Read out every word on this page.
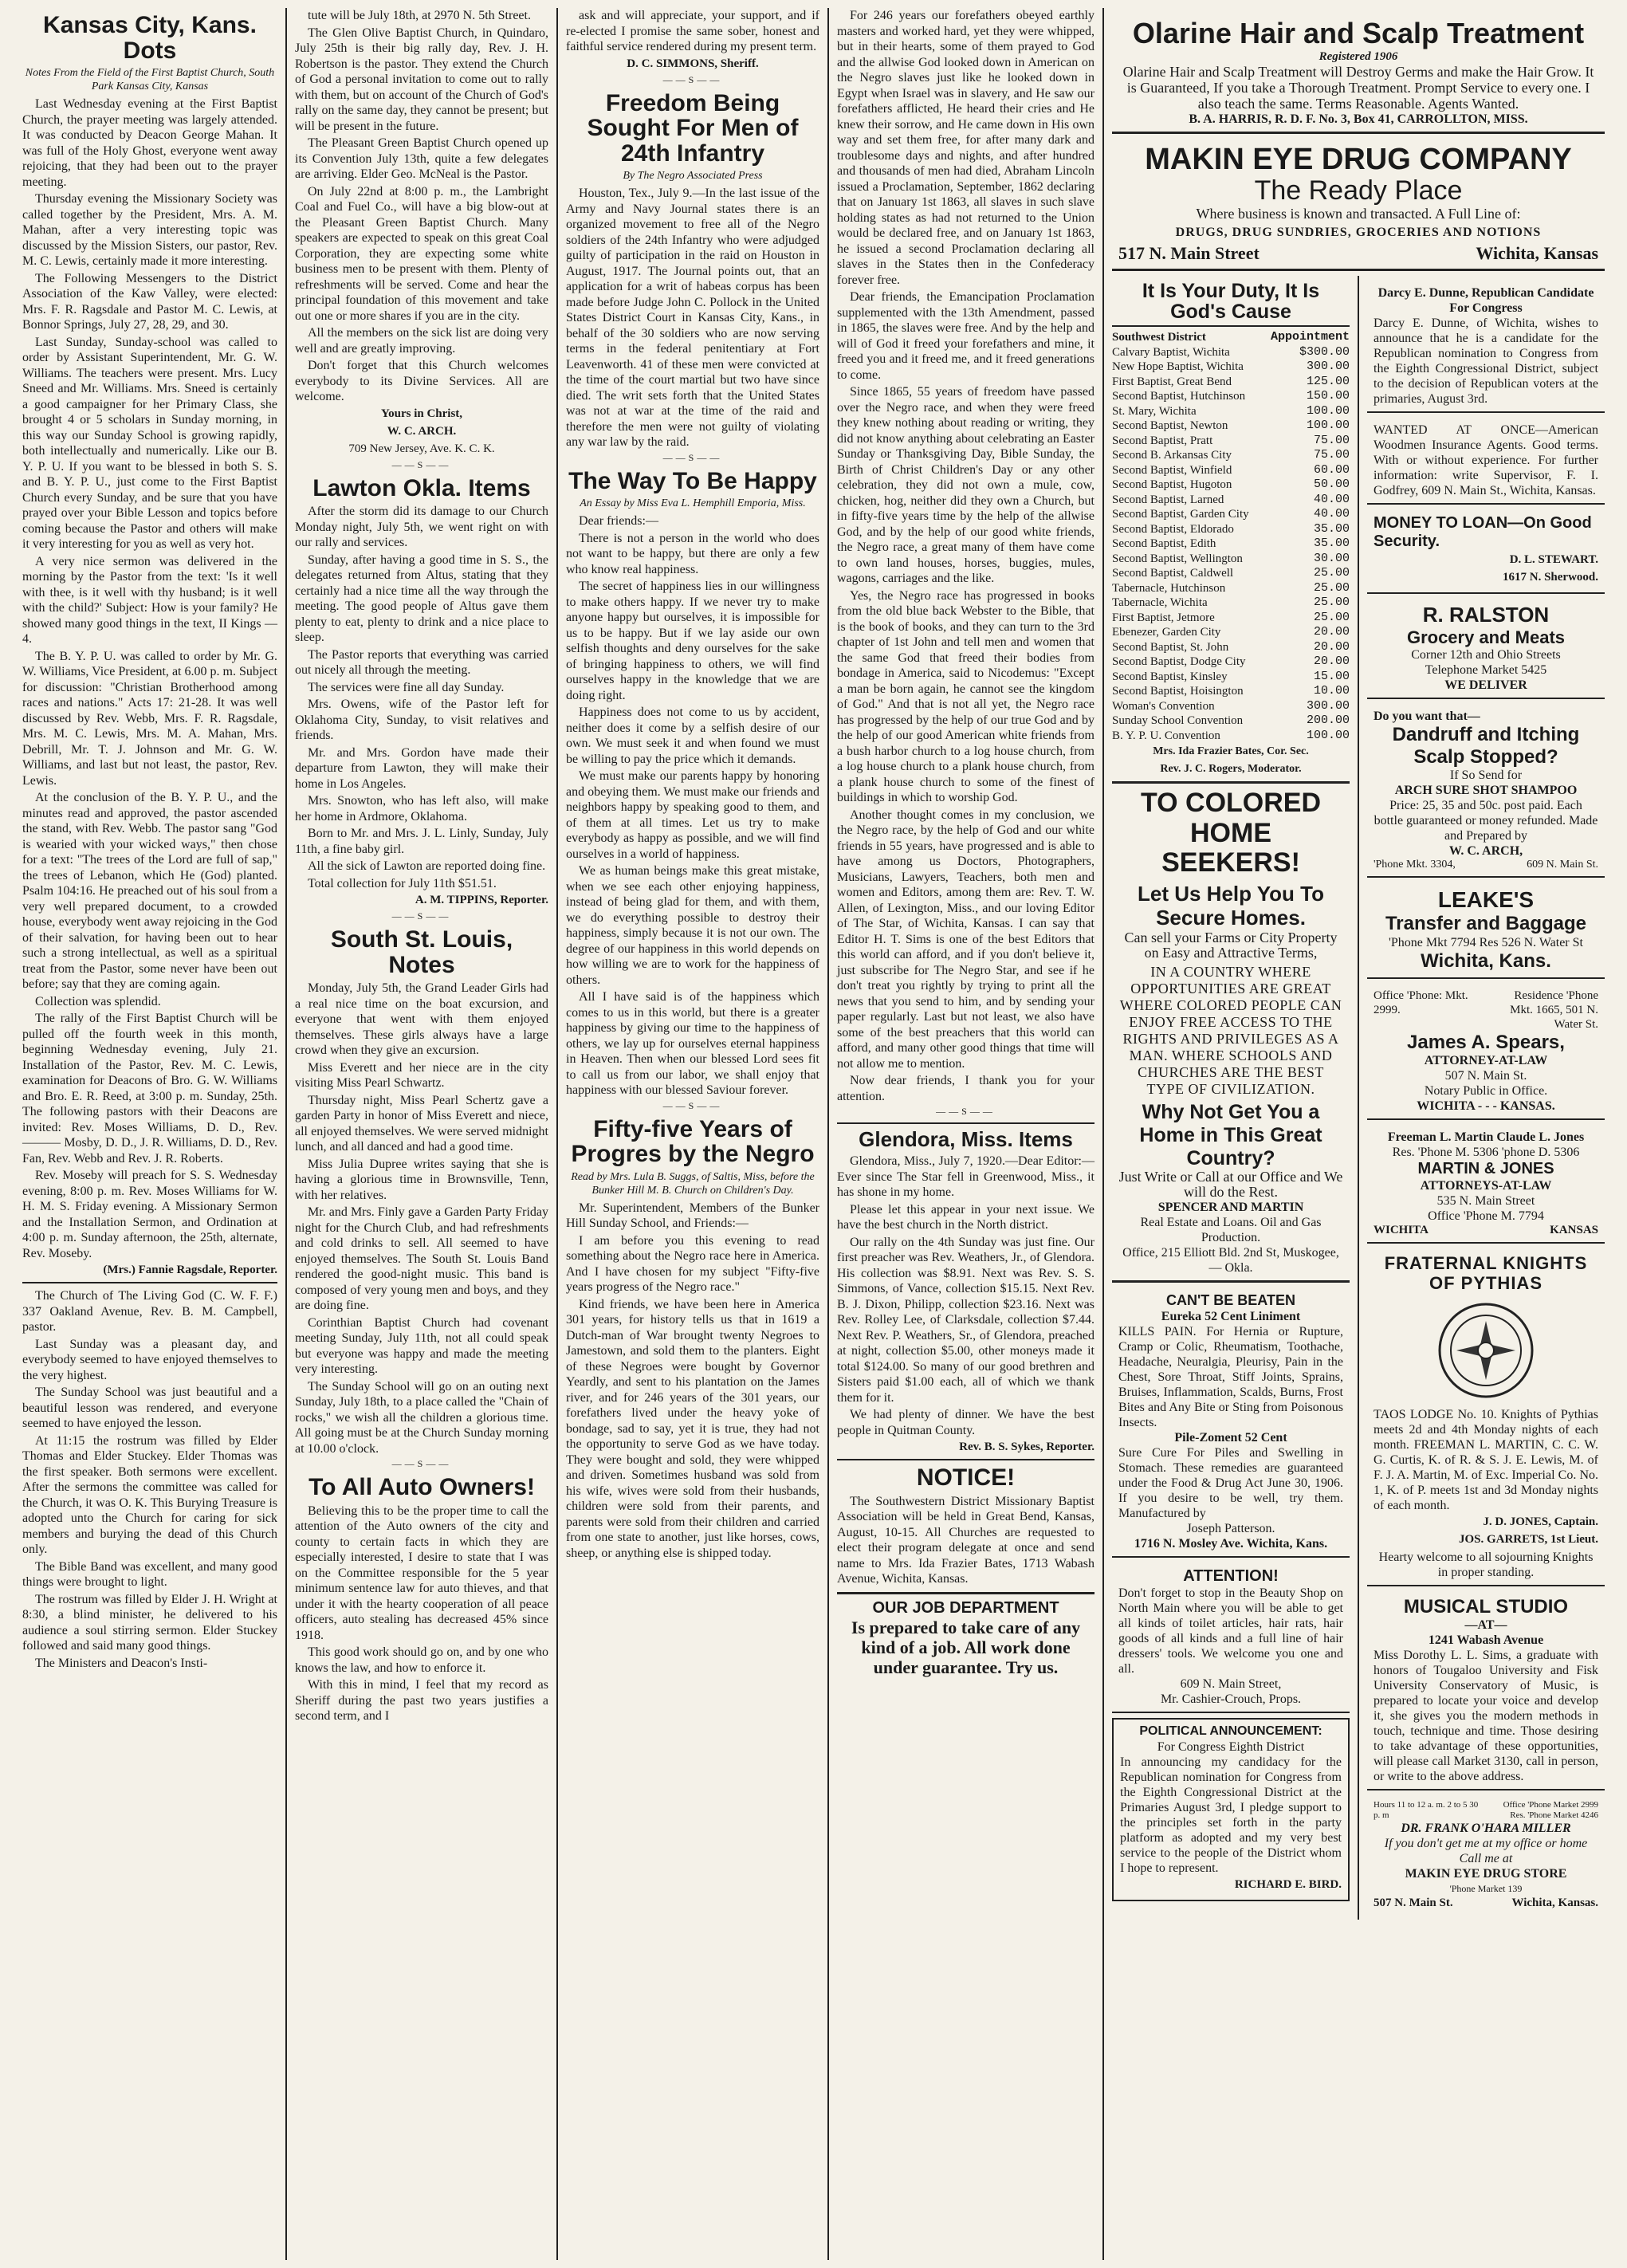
Kansas City, Kans. Dots
Notes From the Field of the First Baptist Church, South Park Kansas City, Kansas

Last Wednesday evening at the First Baptist Church, the prayer meeting was largely attended. It was conducted by Deacon George Mahan. It was full of the Holy Ghost, everyone went away rejoicing, that they had been out to the prayer meeting.

Thursday evening the Missionary Society was called together by the President, Mrs. A. M. Mahan, after a very interesting topic was discussed by the Mission Sisters, our pastor, Rev. M. C. Lewis, certainly made it more interesting.

The Following Messengers to the District Association of the Kaw Valley, were elected: Mrs. F. R. Ragsdale and Pastor M. C. Lewis, at Bonnor Springs, July 27, 28, 29, and 30.

Last Sunday, Sunday-school was called to order by Assistant Superintendent, Mr. G. W. Williams. The teachers were present. Mrs. Lucy Sneed and Mr. Williams. Mrs. Sneed is certainly a good campaigner for her Primary Class, she brought 4 or 5 scholars in Sunday morning, in this way our Sunday School is growing rapidly, both intellectually and numerically. Like our B. Y. P. U. If you want to be blessed in both S. S. and B. Y. P. U., just come to the First Baptist Church every Sunday, and be sure that you have prayed over your Bible Lesson and topics before coming because the Pastor and others will make it very interesting for you as well as very hot.

A very nice sermon was delivered in the morning by the Pastor from the text: 'Is it well with thee, is it well with thy husband; is it well with the child?' Subject: How is your family? He showed many good things in the text, II Kings — 4.

The B. Y. P. U. was called to order by Mr. G. W. Williams, Vice President, at 6.00 p. m. Subject for discussion: "Christian Brotherhood among races and nations." Acts 17: 21-28. It was well discussed by Rev. Webb, Mrs. F. R. Ragsdale, Mrs. M. C. Lewis, Mrs. M. A. Mahan, Mrs. Debrill, Mr. T. J. Johnson and Mr. G. W. Williams, and last but not least, the pastor, Rev. Lewis.

At the conclusion of the B. Y. P. U., and the minutes read and approved, the pastor ascended the stand, with Rev. Webb. The pastor sang "God is wearied with your wicked ways," then chose for a text: "The trees of the Lord are full of sap," the trees of Lebanon, which He (God) planted. Psalm 104:16. He preached out of his soul from a very well prepared document, to a crowded house, everybody went away rejoicing in the God of their salvation, for having been out to hear such a strong intellectual, as well as a spiritual treat from the Pastor, some never have been out before; say that they are coming again.

Collection was splendid.

The rally of the First Baptist Church will be pulled off the fourth week in this month, beginning Wednesday evening, July 21. Installation of the Pastor, Rev. M. C. Lewis, examination for Deacons of Bro. G. W. Williams and Bro. E. R. Reed, at 3:00 p. m. Sunday, 25th. The following pastors with their Deacons are invited: Rev. Moses Williams, D. D., Rev. ——— Mosby, D. D., J. R. Williams, D. D., Rev. Fan, Rev. Webb and Rev. J. R. Roberts.

Rev. Moseby will preach for S. S. Wednesday evening, 8:00 p. m. Rev. Moses Williams for W. H. M. S. Friday evening. A Missionary Sermon and the Installation Sermon, and Ordination at 4:00 p. m. Sunday afternoon, the 25th, alternate, Rev. Moseby.

(Mrs.) Fannie Ragsdale, Reporter.

The Church of The Living God (C. W. F. F.) 337 Oakland Avenue, Rev. B. M. Campbell, pastor.

Last Sunday was a pleasant day, and everybody seemed to have enjoyed themselves to the very highest.

The Sunday School was just beautiful and a beautiful lesson was rendered, and everyone seemed to have enjoyed the lesson.

At 11:15 the rostrum was filled by Elder Thomas and Elder Stuckey. Elder Thomas was the first speaker. Both sermons were excellent. After the sermons the committee was called for the Church, it was O. K. This Burying Treasure is adopted unto the Church for caring for sick members and burying the dead of this Church only.

The Bible Band was excellent, and many good things were brought to light.

The rostrum was filled by Elder J. H. Wright at 8:30, a blind minister, he delivered to his audience a soul stirring sermon. Elder Stuckey followed and said many good things.

The Ministers and Deacon's Insti-

tute will be July 18th, at 2970 N. 5th Street.

The Glen Olive Baptist Church, in Quindaro, July 25th is their big rally day, Rev. J. H. Robertson is the pastor. They extend the Church of God a personal invitation to come out to rally with them, but on account of the Church of God's rally on the same day, they cannot be present; but will be present in the future.

The Pleasant Green Baptist Church opened up its Convention July 13th, quite a few delegates are arriving. Elder Geo. McNeal is the Pastor.

On July 22nd at 8:00 p. m., the Lambright Coal and Fuel Co., will have a big blow-out at the Pleasant Green Baptist Church. Many speakers are expected to speak on this great Coal Corporation, they are expecting some white business men to be present with them. Plenty of refreshments will be served. Come and hear the principal foundation of this movement and take out one or more shares if you are in the city.

All the members on the sick list are doing very well and are greatly improving.

Don't forget that this Church welcomes everybody to its Divine Services. All are welcome.

Yours in Christ,
W. C. ARCH.
709 New Jersey, Ave. K. C. K.
——S——
Lawton Okla. Items

After the storm did its damage to our Church Monday night, July 5th, we went right on with our rally and services.

Sunday, after having a good time in S. S., the delegates returned from Altus, stating that they certainly had a nice time all the way through the meeting. The good people of Altus gave them plenty to eat, plenty to drink and a nice place to sleep.

The Pastor reports that everything was carried out nicely all through the meeting.

The services were fine all day Sunday.

Mrs. Owens, wife of the Pastor left for Oklahoma City, Sunday, to visit relatives and friends.

Mr. and Mrs. Gordon have made their departure from Lawton, they will make their home in Los Angeles.

Mrs. Snowton, who has left also, will make her home in Ardmore, Oklahoma.

Born to Mr. and Mrs. J. L. Linly, Sunday, July 11th, a fine baby girl.

All the sick of Lawton are reported doing fine.

Total collection for July 11th $51.51.

A. M. TIPPINS, Reporter.
——S——
South St. Louis, Notes

Monday, July 5th, the Grand Leader Girls had a real nice time on the boat excursion, and everyone that went with them enjoyed themselves. These girls always have a large crowd when they give an excursion.

Miss Everett and her niece are in the city visiting Miss Pearl Schwartz.

Thursday night, Miss Pearl Schertz gave a garden Party in honor of Miss Everett and niece, all enjoyed themselves. We were served midnight lunch, and all danced and had a good time.

Miss Julia Dupree writes saying that she is having a glorious time in Brownsville, Tenn, with her relatives.

Mr. and Mrs. Finly gave a Garden Party Friday night for the Church Club, and had refreshments and cold drinks to sell. All seemed to have enjoyed themselves. The South St. Louis Band rendered the good-night music. This band is composed of very young men and boys, and they are doing fine.

Corinthian Baptist Church had covenant meeting Sunday, July 11th, not all could speak but everyone was happy and made the meeting very interesting.

The Sunday School will go on an outing next Sunday, July 18th, to a place called the "Chain of rocks," we wish all the children a glorious time. All going must be at the Church Sunday morning at 10.00 o'clock.

——S——
To All Auto Owners!

Believing this to be the proper time to call the attention of the Auto owners of the city and county to certain facts in which they are especially interested, I desire to state that I was on the Committee responsible for the 5 year minimum sentence law for auto thieves, and that under it with the hearty cooperation of all peace officers, auto stealing has decreased 45% since 1918.

This good work should go on, and by one who knows the law, and how to enforce it.

With this in mind, I feel that my record as Sheriff during the past two years justifies a second term, and I

ask and will appreciate, your support, and if re-elected I promise the same sober, honest and faithful service rendered during my present term.

D. C. SIMMONS, Sheriff.
——S——
Freedom Being Sought For Men of 24th Infantry
By The Negro Associated Press

Houston, Tex., July 9.—In the last issue of the Army and Navy Journal states there is an organized movement to free all of the Negro soldiers of the 24th Infantry who were adjudged guilty of participation in the raid on Houston in August, 1917. The Journal points out, that an application for a writ of habeas corpus has been made before Judge John C. Pollock in the United States District Court in Kansas City, Kans., in behalf of the 30 soldiers who are now serving terms in the federal penitentiary at Fort Leavenworth. 41 of these men were convicted at the time of the court martial but two have since died. The writ sets forth that the United States was not at war at the time of the raid and therefore the men were not guilty of violating any war law by the raid.

——S——
The Way To Be Happy
An Essay by Miss Eva L. Hemphill Emporia, Miss.

Dear friends:—

There is not a person in the world who does not want to be happy, but there are only a few who know real happiness.

The secret of happiness lies in our willingness to make others happy. If we never try to make anyone happy but ourselves, it is impossible for us to be happy. But if we lay aside our own selfish thoughts and deny ourselves for the sake of bringing happiness to others, we will find ourselves happy in the knowledge that we are doing right.

Happiness does not come to us by accident, neither does it come by a selfish desire of our own. We must seek it and when found we must be willing to pay the price which it demands.

We must make our parents happy by honoring and obeying them. We must make our friends and neighbors happy by speaking good to them, and of them at all times. Let us try to make everybody as happy as possible, and we will find ourselves in a world of happiness.

We as human beings make this great mistake, when we see each other enjoying happiness, instead of being glad for them, and with them, we do everything possible to destroy their happiness, simply because it is not our own. The degree of our happiness in this world depends on how willing we are to work for the happiness of others.

All I have said is of the happiness which comes to us in this world, but there is a greater happiness by giving our time to the happiness of others, we lay up for ourselves eternal happiness in Heaven. Then when our blessed Lord sees fit to call us from our labor, we shall enjoy that happiness with our blessed Saviour forever.

——S——
Fifty-five Years of Progres by the Negro
Read by Mrs. Lula B. Suggs, of Saltis, Miss, before the Bunker Hill M. B. Church on Children's Day.

Mr. Superintendent, Members of the Bunker Hill Sunday School, and Friends:—

I am before you this evening to read something about the Negro race here in America. And I have chosen for my subject "Fifty-five years progress of the Negro race."

Kind friends, we have been here in America 301 years, for history tells us that in 1619 a Dutch-man of War brought twenty Negroes to Jamestown, and sold them to the planters. Eight of these Negroes were bought by Governor Yeardly, and sent to his plantation on the James river, and for 246 years of the 301 years, our forefathers lived under the heavy yoke of bondage, sad to say, yet it is true, they had not the opportunity to serve God as we have today. They were bought and sold, they were whipped and driven. Sometimes husband was sold from his wife, wives were sold from their husbands, children were sold from their parents, and parents were sold from their children and carried from one state to another, just like horses, cows, sheep, or anything else is shipped today.

For 246 years our forefathers obeyed earthly masters and worked hard, yet they were whipped, but in their hearts, some of them prayed to God and the allwise God looked down in American on the Negro slaves just like he looked down in Egypt when Israel was in slavery, and He saw our forefathers afflicted, He heard their cries and He knew their sorrow, and He came down in His own way and set them free, for after many dark and troublesome days and nights, and after hundred and thousands of men had died, Abraham Lincoln issued a Proclamation, September, 1862 declaring that on January 1st 1863, all slaves in such slave holding states as had not returned to the Union would be declared free, and on January 1st 1863, he issued a second Proclamation declaring all slaves in the States then in the Confederacy forever free.

Dear friends, the Emancipation Proclamation supplemented with the 13th Amendment, passed in 1865, the slaves were free. And by the help and will of God it freed your forefathers and mine, it freed you and it freed me, and it freed generations to come.

Since 1865, 55 years of freedom have passed over the Negro race, and when they were freed they knew nothing about reading or writing, they did not know anything about celebrating an Easter Sunday or Thanksgiving Day, Bible Sunday, the Birth of Christ Children's Day or any other celebration, they did not own a mule, cow, chicken, hog, neither did they own a Church, but in fifty-five years time by the help of the allwise God, and by the help of our good white friends, the Negro race, a great many of them have come to own land houses, horses, buggies, mules, wagons, carriages and the like.

Yes, the Negro race has progressed in books from the old blue back Webster to the Bible, that is the book of books, and they can turn to the 3rd chapter of 1st John and tell men and women that the same God that freed their bodies from bondage in America, said to Nicodemus: "Except a man be born again, he cannot see the kingdom of God." And that is not all yet, the Negro race has progressed by the help of our true God and by the help of our good American white friends from a bush harbor church to a log house church, from a log house church to a plank house church, from a plank house church to some of the finest of buildings in which to worship God.

Another thought comes in my conclusion, we the Negro race, by the help of God and our white friends in 55 years, have progressed and is able to have among us Doctors, Photographers, Musicians, Lawyers, Teachers, both men and women and Editors, among them are: Rev. T. W. Allen, of Lexington, Miss., and our loving Editor of The Star, of Wichita, Kansas. I can say that Editor H. T. Sims is one of the best Editors that this world can afford, and if you don't believe it, just subscribe for The Negro Star, and see if he don't treat you rightly by trying to print all the news that you send to him, and by sending your paper regularly. Last but not least, we also have some of the best preachers that this world can afford, and many other good things that time will not allow me to mention.

Now dear friends, I thank you for your attention.

——S——
Glendora, Miss. Items

Glendora, Miss., July 7, 1920.—Dear Editor:—Ever since The Star fell in Greenwood, Miss., it has shone in my home.

Please let this appear in your next issue. We have the best church in the North district.

Our rally on the 4th Sunday was just fine. Our first preacher was Rev. Weathers, Jr., of Glendora. His collection was $8.91. Next was Rev. S. S. Simmons, of Vance, collection $15.15. Next Rev. B. J. Dixon, Philipp, collection $23.16. Next was Rev. Rolley Lee, of Clarksdale, collection $7.44. Next Rev. P. Weathers, Sr., of Glendora, preached at night, collection $5.00, other moneys made it total $124.00. So many of our good brethren and Sisters paid $1.00 each, all of which we thank them for it.

We had plenty of dinner. We have the best people in Quitman County.

Rev. B. S. Sykes, Reporter.
NOTICE!

The Southwestern District Missionary Baptist Association will be held in Great Bend, Kansas, August, 10-15. All Churches are requested to elect their program delegate at once and send name to Mrs. Ida Frazier Bates, 1713 Wabash Avenue, Wichita, Kansas.

OUR JOB DEPARTMENT
Is prepared to take care of any kind of a job. All work done under guarantee. Try us.
Olarine Hair and Scalp Treatment
Registered 1906
Olarine Hair and Scalp Treatment will Destroy Germs and make the Hair Grow. It is Guaranteed, If you take a Thorough Treatment. Prompt Service to every one. I also teach the same. Terms Reasonable. Agents Wanted.
B. A. HARRIS, R. D. F. No. 3, Box 41, CARROLLTON, MISS.
MAKIN EYE DRUG COMPANY
The Ready Place
Where business is known and transacted. A Full Line of:
DRUGS, DRUG SUNDRIES, GROCERIES AND NOTIONS
517 N. Main Street	Wichita, Kansas
It Is Your Duty, It Is God's Cause
Southwest District	Appointment
Calvary Baptist, Wichita	$300.00
New Hope Baptist, Wichita	300.00
First Baptist, Great Bend	125.00
Second Baptist, Hutchinson	150.00
St. Mary, Wichita	100.00
Second Baptist, Newton	100.00
Second Baptist, Pratt	75.00
Second B. Arkansas City	75.00
Second Baptist, Winfield	60.00
Second Baptist, Hugoton	50.00
Second Baptist, Larned	40.00
Second Baptist, Garden City	40.00
Second Baptist, Eldorado	35.00
Second Baptist, Edith	35.00
Second Baptist, Wellington	30.00
Second Baptist, Caldwell	25.00
Tabernacle, Hutchinson	25.00
Tabernacle, Wichita	25.00
First Baptist, Jetmore	25.00
Ebenezer, Garden City	20.00
Second Baptist, St. John	20.00
Second Baptist, Dodge City	20.00
Second Baptist, Kinsley	15.00
Second Baptist, Hoisington	10.00
Woman's Convention	300.00
Sunday School Convention	200.00
B. Y. P. U. Convention	100.00
Mrs. Ida Frazier Bates, Cor. Sec.
Rev. J. C. Rogers, Moderator.
TO COLORED HOME SEEKERS!
Let Us Help You To Secure Homes.
Can sell your Farms or City Property on Easy and Attractive Terms,
IN A COUNTRY WHERE OPPORTUNITIES ARE GREAT WHERE COLORED PEOPLE CAN ENJOY FREE ACCESS TO THE RIGHTS AND PRIVILEGES AS A MAN. WHERE SCHOOLS AND CHURCHES ARE THE BEST TYPE OF CIVILIZATION.
Why Not Get You a Home in This Great Country?
Just Write or Call at our Office and We will do the Rest.
SPENCER AND MARTIN
Real Estate and Loans. Oil and Gas Production.
Office, 215 Elliott Bld. 2nd St, Muskogee, — Okla.
CAN'T BE BEATEN
Eureka 52 Cent Liniment
KILLS PAIN. For Hernia or Rupture, Cramp or Colic, Rheumatism, Toothache, Headache, Neuralgia, Pleurisy, Pain in the Chest, Sore Throat, Stiff Joints, Sprains, Bruises, Inflammation, Scalds, Burns, Frost Bites and Any Bite or Sting from Poisonous Insects.
Pile-Zoment 52 Cent
Sure Cure For Piles and Swelling in Stomach. These remedies are guaranteed under the Food & Drug Act June 30, 1906. If you desire to be well, try them. Manufactured by
Joseph Patterson.
1716 N. Mosley Ave. Wichita, Kans.
ATTENTION!
Don't forget to stop in the Beauty Shop on North Main where you will be able to get all kinds of toilet articles, hair rats, hair goods of all kinds and a full line of hair dressers' tools. We welcome you one and all.
609 N. Main Street,
Mr. Cashier-Crouch, Props.
POLITICAL ANNOUNCEMENT:
For Congress Eighth District
In announcing my candidacy for the Republican nomination for Congress from the Eighth Congressional District at the Primaries August 3rd, I pledge support to the principles set forth in the party platform as adopted and my very best service to the people of the District whom I hope to represent.
RICHARD E. BIRD.
Darcy E. Dunne, Republican Candidate For Congress
Darcy E. Dunne, of Wichita, wishes to announce that he is a candidate for the Republican nomination to Congress from the Eighth Congressional District, subject to the decision of Republican voters at the primaries, August 3rd.
WANTED AT ONCE—American Woodmen Insurance Agents. Good terms. With or without experience. For further information: write Supervisor, F. I. Godfrey, 609 N. Main St., Wichita, Kansas.
MONEY TO LOAN—On Good Security.
D. L. STEWART.
1617 N. Sherwood.
R. RALSTON
Grocery and Meats
Corner 12th and Ohio Streets
Telephone Market 5425
WE DELIVER
Do you want that—
Dandruff and Itching Scalp Stopped?
If So Send for
ARCH SURE SHOT SHAMPOO
Price: 25, 35 and 50c. post paid. Each bottle guaranteed or money refunded. Made and Prepared by
W. C. ARCH,
'Phone Mkt. 3304,	609 N. Main St.
LEAKE'S
Transfer and Baggage
'Phone Mkt 7794 Res 526 N. Water St
Wichita, Kans.
Office 'Phone: Mkt. 2999.
Residence 'Phone Mkt. 1665, 501 N. Water St.
James A. Spears,
ATTORNEY-AT-LAW
507 N. Main St.
Notary Public in Office.
WICHITA - - - KANSAS.
Freeman L. Martin Claude L. Jones
Res. 'Phone M. 5306 'phone D. 5306
MARTIN & JONES
ATTORNEYS-AT-LAW
535 N. Main Street
Office 'Phone M. 7794
WICHITA	KANSAS
FRATERNAL KNIGHTS OF PYTHIAS
TAOS LODGE No. 10. Knights of Pythias meets 2d and 4th Monday nights of each month. FREEMAN L. MARTIN, C. C. W. G. Curtis, K. of R. & S. J. E. Lewis, M. of F. J. A. Martin, M. of Exc. Imperial Co. No. 1, K. of P. meets 1st and 3d Monday nights of each month.
J. D. JONES, Captain.
JOS. GARRETS, 1st Lieut.
Hearty welcome to all sojourning Knights in proper standing.
MUSICAL STUDIO
—AT—
1241 Wabash Avenue
Miss Dorothy L. L. Sims, a graduate with honors of Tougaloo University and Fisk University Conservatory of Music, is prepared to locate your voice and develop it, she gives you the modern methods in touch, technique and time. Those desiring to take advantage of these opportunities, will please call Market 3130, call in person, or write to the above address.
Hours 11 to 12 a. m. 2 to 5 30 p. m
Office 'Phone Market 2999 Res. 'Phone Market 4246
DR. FRANK O'HARA MILLER
If you don't get me at my office or home Call me at
MAKIN EYE DRUG STORE
'Phone Market 139
507 N. Main St.	Wichita, Kansas.
